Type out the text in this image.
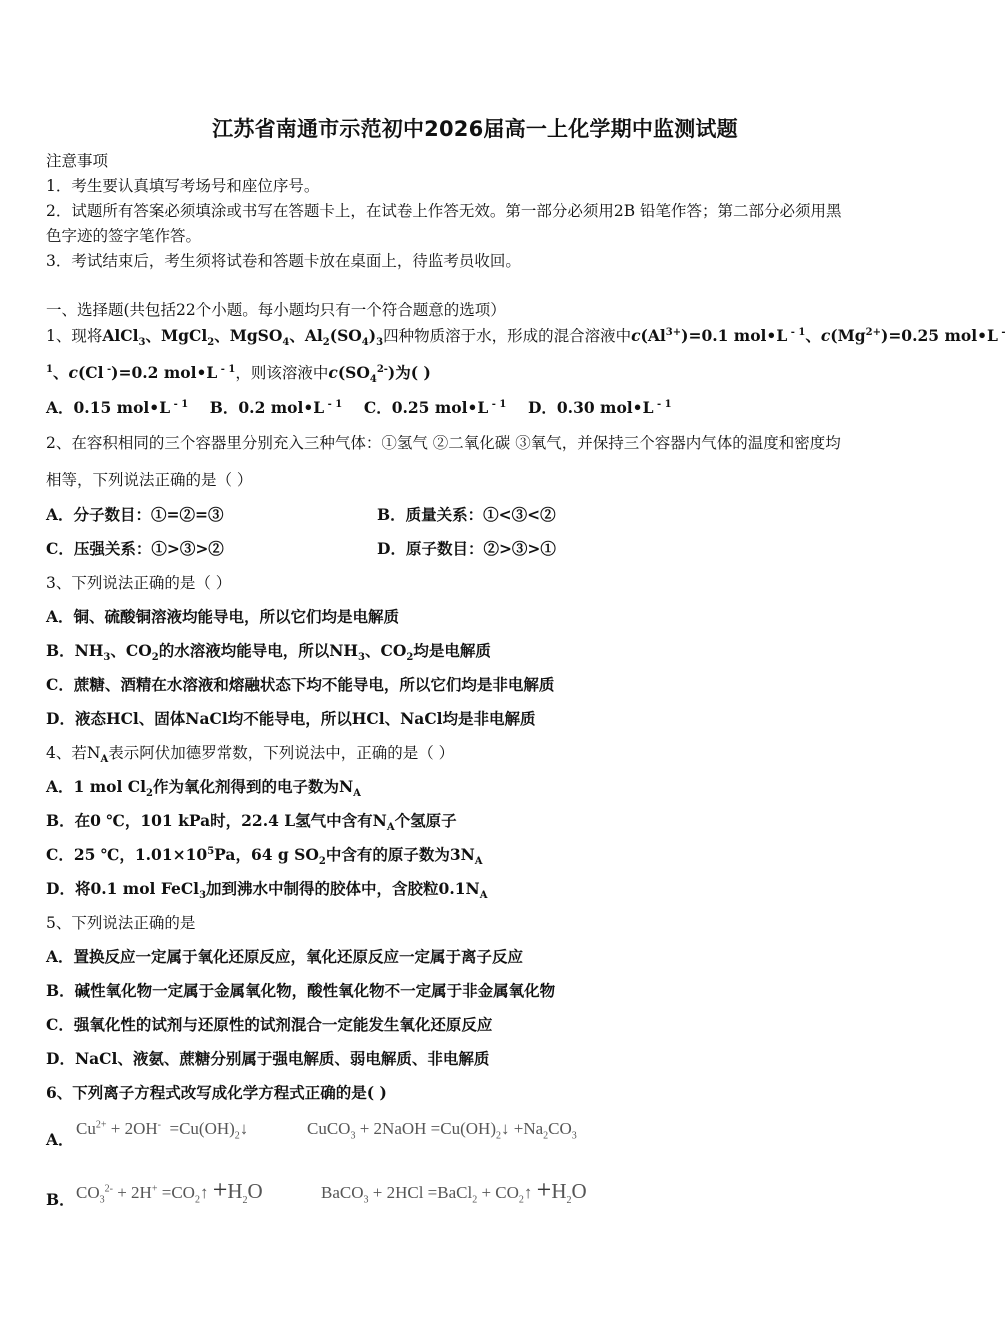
江苏省南通市示范初中2026届高一上化学期中监测试题
注意事项
1．考生要认真填写考场号和座位序号。
2．试题所有答案必须填涂或书写在答题卡上，在试卷上作答无效。第一部分必须用2B 铅笔作答；第二部分必须用黑
色字迹的签字笔作答。
3．考试结束后，考生须将试卷和答题卡放在桌面上，待监考员收回。
一、选择题(共包括22个小题。每小题均只有一个符合题意的选项）
1、现将AlCl$_3$、MgCl$_2$、MgSO$_4$、$Al_2(SO_4)_3$四种物质溶于水，形成的混合溶液中$c(Al^{3+})=0.1$ mol•L $^{- 1}$、$c(Mg^{2+})=0.25$ mol•L -
$^1$、c(Cl -)=0.2 mol•L $^{- 1}$，则该溶液中$c(SO_4^{2-})$为( )
A．0.15 mol•L $^{- 1}$ B．0.2 mol•L $^{- 1}$ C．0.25 mol•L $^{- 1}$ D．0.30 mol•L $^{- 1}$
2、在容积相同的三个容器里分别充入三种气体：①氢气 ②二氧化碳 ③氧气，并保持三个容器内气体的温度和密度均
相等，下列说法正确的是（ ）
A．分子数目：①=②=③	B．质量关系：①<③<②
C．压强关系：①>③>②	D．原子数目：②>③>①
3、下列说法正确的是（ ）
A．铜、硫酸铜溶液均能导电，所以它们均是电解质
B．$NH_3$、$CO_2$的水溶液均能导电，所以$NH_3$、$CO_2$均是电解质
C．蔗糖、酒精在水溶液和熔融状态下均不能导电，所以它们均是非电解质
D．液态HCl、固体NaCl均不能导电，所以HCl、NaCl均是非电解质
4、若$N_A$表示阿伏加德罗常数，下列说法中，正确的是（ ）
A．1 mol $Cl_2$作为氧化剂得到的电子数为$N_A$
B．在0 ℃，101 kPa时，22.4 L氢气中含有$N_A$个氢原子
C．25 ℃，$1.01\times 10^5Pa$，64 g $SO_2$中含有的原子数为$3N_A$
D．将0.1 mol FeCl$_3$加到沸水中制得的胶体中，含胶粒$0.1N_A$
5、下列说法正确的是
A．置换反应一定属于氧化还原反应，氧化还原反应一定属于离子反应
B．碱性氧化物一定属于金属氧化物，酸性氧化物不一定属于非金属氧化物
C．强氧化性的试剂与还原性的试剂混合一定能发生氧化还原反应
D．NaCl、液氨、蔗糖分别属于强电解质、弱电解质、非电解质
6、下列离子方程式改写成化学方程式正确的是( )
A．
$Cu^{2+} + 2OH^-$  $=Cu(OH)_2↓$	CuCO$_3$ + 2NaOH $=Cu(OH)_2↓ +Na_2CO_3$
B． $CO_3^{2-} + 2H^+$ $=CO_2↑ +H_2O$	BaCO$_3$ + 2HCl =BaCl$_2$ + $CO_2↑ +H_2O$
